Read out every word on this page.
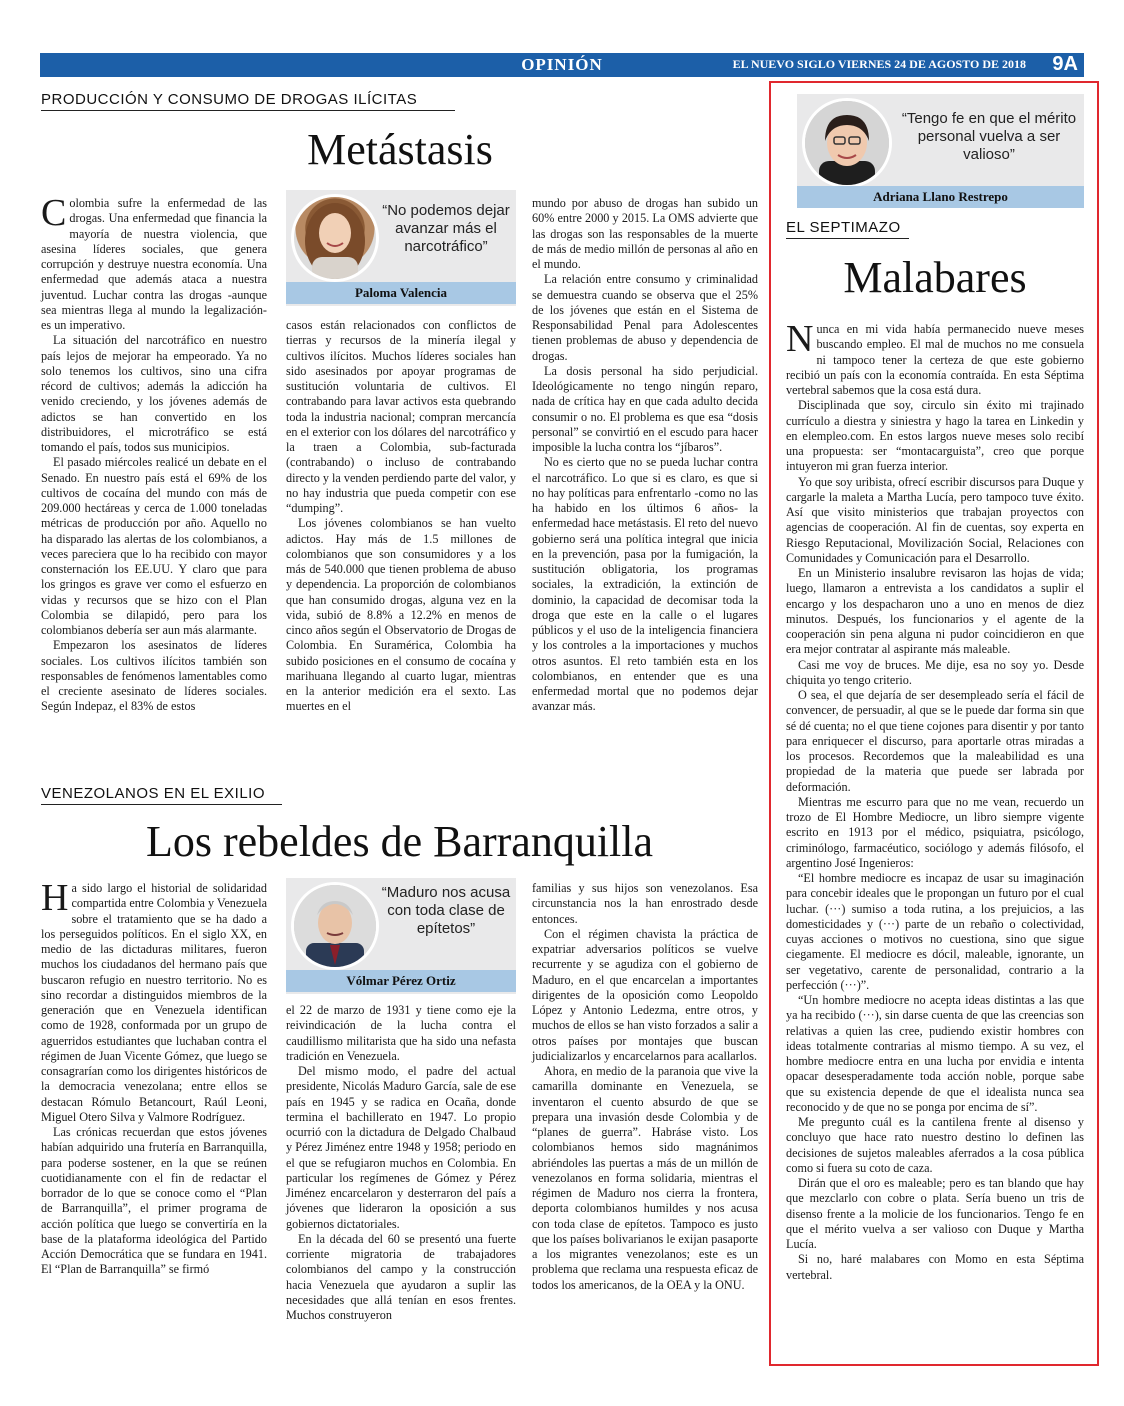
OPINIÓN	EL NUEVO SIGLO VIERNES 24 DE AGOSTO DE 2018 9A
PRODUCCIÓN Y CONSUMO DE DROGAS ILÍCITAS
Metástasis

Colombia sufre la enfermedad de las drogas. Una enfermedad que financia la mayoría de nuestra violencia, que asesina líderes sociales, que genera corrupción y destruye nuestra economía. Una enfermedad que además ataca a nuestra juventud. Luchar contra las drogas -aunque sea mientras llega al mundo la legalización- es un imperativo.

La situación del narcotráfico en nuestro país lejos de mejorar ha empeorado. Ya no solo tenemos los cultivos, sino una cifra récord de cultivos; además la adicción ha venido creciendo, y los jóvenes además de adictos se han convertido en los distribuidores, el microtráfico se está tomando el país, todos sus municipios.

El pasado miércoles realicé un debate en el Senado. En nuestro país está el 69% de los cultivos de cocaína del mundo con más de 209.000 hectáreas y cerca de 1.000 toneladas métricas de producción por año. Aquello no ha disparado las alertas de los colombianos, a veces pareciera que lo ha recibido con mayor consternación los EE.UU. Y claro que para los gringos es grave ver como el esfuerzo en vidas y recursos que se hizo con el Plan Colombia se dilapidó, pero para los colombianos debería ser aun más alarmante.

Empezaron los asesinatos de líderes sociales. Los cultivos ilícitos también son responsables de fenómenos lamentables como el creciente asesinato de líderes sociales. Según Indepaz, el 83% de estos

“No podemos dejar avanzar más el narcotráfico”
Paloma Valencia

casos están relacionados con conflictos de tierras y recursos de la minería ilegal y cultivos ilícitos. Muchos líderes sociales han sido asesinados por apoyar programas de sustitución voluntaria de cultivos. El contrabando para lavar activos esta quebrando toda la industria nacional; compran mercancía en el exterior con los dólares del narcotráfico y la traen a Colombia, sub-facturada (contrabando) o incluso de contrabando directo y la venden perdiendo parte del valor, y no hay industria que pueda competir con ese “dumping”.

Los jóvenes colombianos se han vuelto adictos. Hay más de 1.5 millones de colombianos que son consumidores y a los más de 540.000 que tienen problema de abuso y dependencia. La proporción de colombianos que han consumido drogas, alguna vez en la vida, subió de 8.8% a 12.2% en menos de cinco años según el Observatorio de Drogas de Colombia. En Suramérica, Colombia ha subido posiciones en el consumo de cocaína y marihuana llegando al cuarto lugar, mientras en la anterior medición era el sexto. Las muertes en el

mundo por abuso de drogas han subido un 60% entre 2000 y 2015. La OMS advierte que las drogas son las responsables de la muerte de más de medio millón de personas al año en el mundo.

La relación entre consumo y criminalidad se demuestra cuando se observa que el 25% de los jóvenes que están en el Sistema de Responsabilidad Penal para Adolescentes tienen problemas de abuso y dependencia de drogas.

La dosis personal ha sido perjudicial. Ideológicamente no tengo ningún reparo, nada de crítica hay en que cada adulto decida consumir o no. El problema es que esa “dosis personal” se convirtió en el escudo para hacer imposible la lucha contra los “jíbaros”.

No es cierto que no se pueda luchar contra el narcotráfico. Lo que si es claro, es que si no hay políticas para enfrentarlo -como no las ha habido en los últimos 6 años- la enfermedad hace metástasis. El reto del nuevo gobierno será una política integral que inicia en la prevención, pasa por la fumigación, la sustitución obligatoria, los programas sociales, la extradición, la extinción de dominio, la capacidad de decomisar toda la droga que este en la calle o el lugares públicos y el uso de la inteligencia financiera y los controles a la importaciones y muchos otros asuntos. El reto también esta en los colombianos, en entender que es una enfermedad mortal que no podemos dejar avanzar más.

VENEZOLANOS EN EL EXILIO
Los rebeldes de Barranquilla

Ha sido largo el historial de solidaridad compartida entre Colombia y Venezuela sobre el tratamiento que se ha dado a los perseguidos políticos. En el siglo XX, en medio de las dictaduras militares, fueron muchos los ciudadanos del hermano país que buscaron refugio en nuestro territorio. No es sino recordar a distinguidos miembros de la generación que en Venezuela identifican como de 1928, conformada por un grupo de aguerridos estudiantes que luchaban contra el régimen de Juan Vicente Gómez, que luego se consagrarían como los dirigentes históricos de la democracia venezolana; entre ellos se destacan Rómulo Betancourt, Raúl Leoni, Miguel Otero Silva y Valmore Rodríguez.

Las crónicas recuerdan que estos jóvenes habían adquirido una frutería en Barranquilla, para poderse sostener, en la que se reúnen cuotidianamente con el fin de redactar el borrador de lo que se conoce como el “Plan de Barranquilla”, el primer programa de acción política que luego se convertiría en la base de la plataforma ideológica del Partido Acción Democrática que se fundara en 1941. El “Plan de Barranquilla” se firmó

“Maduro nos acusa con toda clase de epítetos”
Vólmar Pérez Ortiz

el 22 de marzo de 1931 y tiene como eje la reivindicación de la lucha contra el caudillismo militarista que ha sido una nefasta tradición en Venezuela.

Del mismo modo, el padre del actual presidente, Nicolás Maduro García, sale de ese país en 1945 y se radica en Ocaña, donde termina el bachillerato en 1947. Lo propio ocurrió con la dictadura de Delgado Chalbaud y Pérez Jiménez entre 1948 y 1958; periodo en el que se refugiaron muchos en Colombia. En particular los regímenes de Gómez y Pérez Jiménez encarcelaron y desterraron del país a jóvenes que lideraron la oposición a sus gobiernos dictatoriales.

En la década del 60 se presentó una fuerte corriente migratoria de trabajadores colombianos del campo y la construcción hacia Venezuela que ayudaron a suplir las necesidades que allá tenían en esos frentes. Muchos construyeron

familias y sus hijos son venezolanos. Esa circunstancia nos la han enrostrado desde entonces.

Con el régimen chavista la práctica de expatriar adversarios políticos se vuelve recurrente y se agudiza con el gobierno de Maduro, en el que encarcelan a importantes dirigentes de la oposición como Leopoldo López y Antonio Ledezma, entre otros, y muchos de ellos se han visto forzados a salir a otros países por montajes que buscan judicializarlos y encarcelarnos para acallarlos.

Ahora, en medio de la paranoia que vive la camarilla dominante en Venezuela, se inventaron el cuento absurdo de que se prepara una invasión desde Colombia y de “planes de guerra”. Habráse visto. Los colombianos hemos sido magnánimos abriéndoles las puertas a más de un millón de venezolanos en forma solidaria, mientras el régimen de Maduro nos cierra la frontera, deporta colombianos humildes y nos acusa con toda clase de epítetos. Tampoco es justo que los países bolivarianos le exijan pasaporte a los migrantes venezolanos; este es un problema que reclama una respuesta eficaz de todos los americanos, de la OEA y la ONU.

“Tengo fe en que el mérito personal vuelva a ser valioso”
Adriana Llano Restrepo
EL SEPTIMAZO
Malabares

Nunca en mi vida había permanecido nueve meses buscando empleo. El mal de muchos no me consuela ni tampoco tener la certeza de que este gobierno recibió un país con la economía contraída. En esta Séptima vertebral sabemos que la cosa está dura.

Disciplinada que soy, circulo sin éxito mi trajinado currículo a diestra y siniestra y hago la tarea en Linkedin y en elempleo.com. En estos largos nueve meses solo recibí una propuesta: ser “montacarguista”, creo que porque intuyeron mi gran fuerza interior.

Yo que soy uribista, ofrecí escribir discursos para Duque y cargarle la maleta a Martha Lucía, pero tampoco tuve éxito. Así que visito ministerios que trabajan proyectos con agencias de cooperación. Al fin de cuentas, soy experta en Riesgo Reputacional, Movilización Social, Relaciones con Comunidades y Comunicación para el Desarrollo.

En un Ministerio insalubre revisaron las hojas de vida; luego, llamaron a entrevista a los candidatos a suplir el encargo y los despacharon uno a uno en menos de diez minutos. Después, los funcionarios y el agente de la cooperación sin pena alguna ni pudor coincidieron en que era mejor contratar al aspirante más maleable.

Casi me voy de bruces. Me dije, esa no soy yo. Desde chiquita yo tengo criterio.

O sea, el que dejaría de ser desempleado sería el fácil de convencer, de persuadir, al que se le puede dar forma sin que sé dé cuenta; no el que tiene cojones para disentir y por tanto para enriquecer el discurso, para aportarle otras miradas a los procesos. Recordemos que la maleabilidad es una propiedad de la materia que puede ser labrada por deformación.

Mientras me escurro para que no me vean, recuerdo un trozo de El Hombre Mediocre, un libro siempre vigente escrito en 1913 por el médico, psiquiatra, psicólogo, criminólogo, farmacéutico, sociólogo y además filósofo, el argentino José Ingenieros:

“El hombre mediocre es incapaz de usar su imaginación para concebir ideales que le propongan un futuro por el cual luchar. (···) sumiso a toda rutina, a los prejuicios, a las domesticidades y (···) parte de un rebaño o colectividad, cuyas acciones o motivos no cuestiona, sino que sigue ciegamente. El mediocre es dócil, maleable, ignorante, un ser vegetativo, carente de personalidad, contrario a la perfección (···)”.

“Un hombre mediocre no acepta ideas distintas a las que ya ha recibido (···), sin darse cuenta de que las creencias son relativas a quien las cree, pudiendo existir hombres con ideas totalmente contrarias al mismo tiempo. A su vez, el hombre mediocre entra en una lucha por envidia e intenta opacar desesperadamente toda acción noble, porque sabe que su existencia depende de que el idealista nunca sea reconocido y de que no se ponga por encima de sí”.

Me pregunto cuál es la cantilena frente al disenso y concluyo que hace rato nuestro destino lo definen las decisiones de sujetos maleables aferrados a la cosa pública como si fuera su coto de caza.

Dirán que el oro es maleable; pero es tan blando que hay que mezclarlo con cobre o plata. Sería bueno un tris de disenso frente a la molicie de los funcionarios. Tengo fe en que el mérito vuelva a ser valioso con Duque y Martha Lucía.

Si no, haré malabares con Momo en esta Séptima vertebral.
